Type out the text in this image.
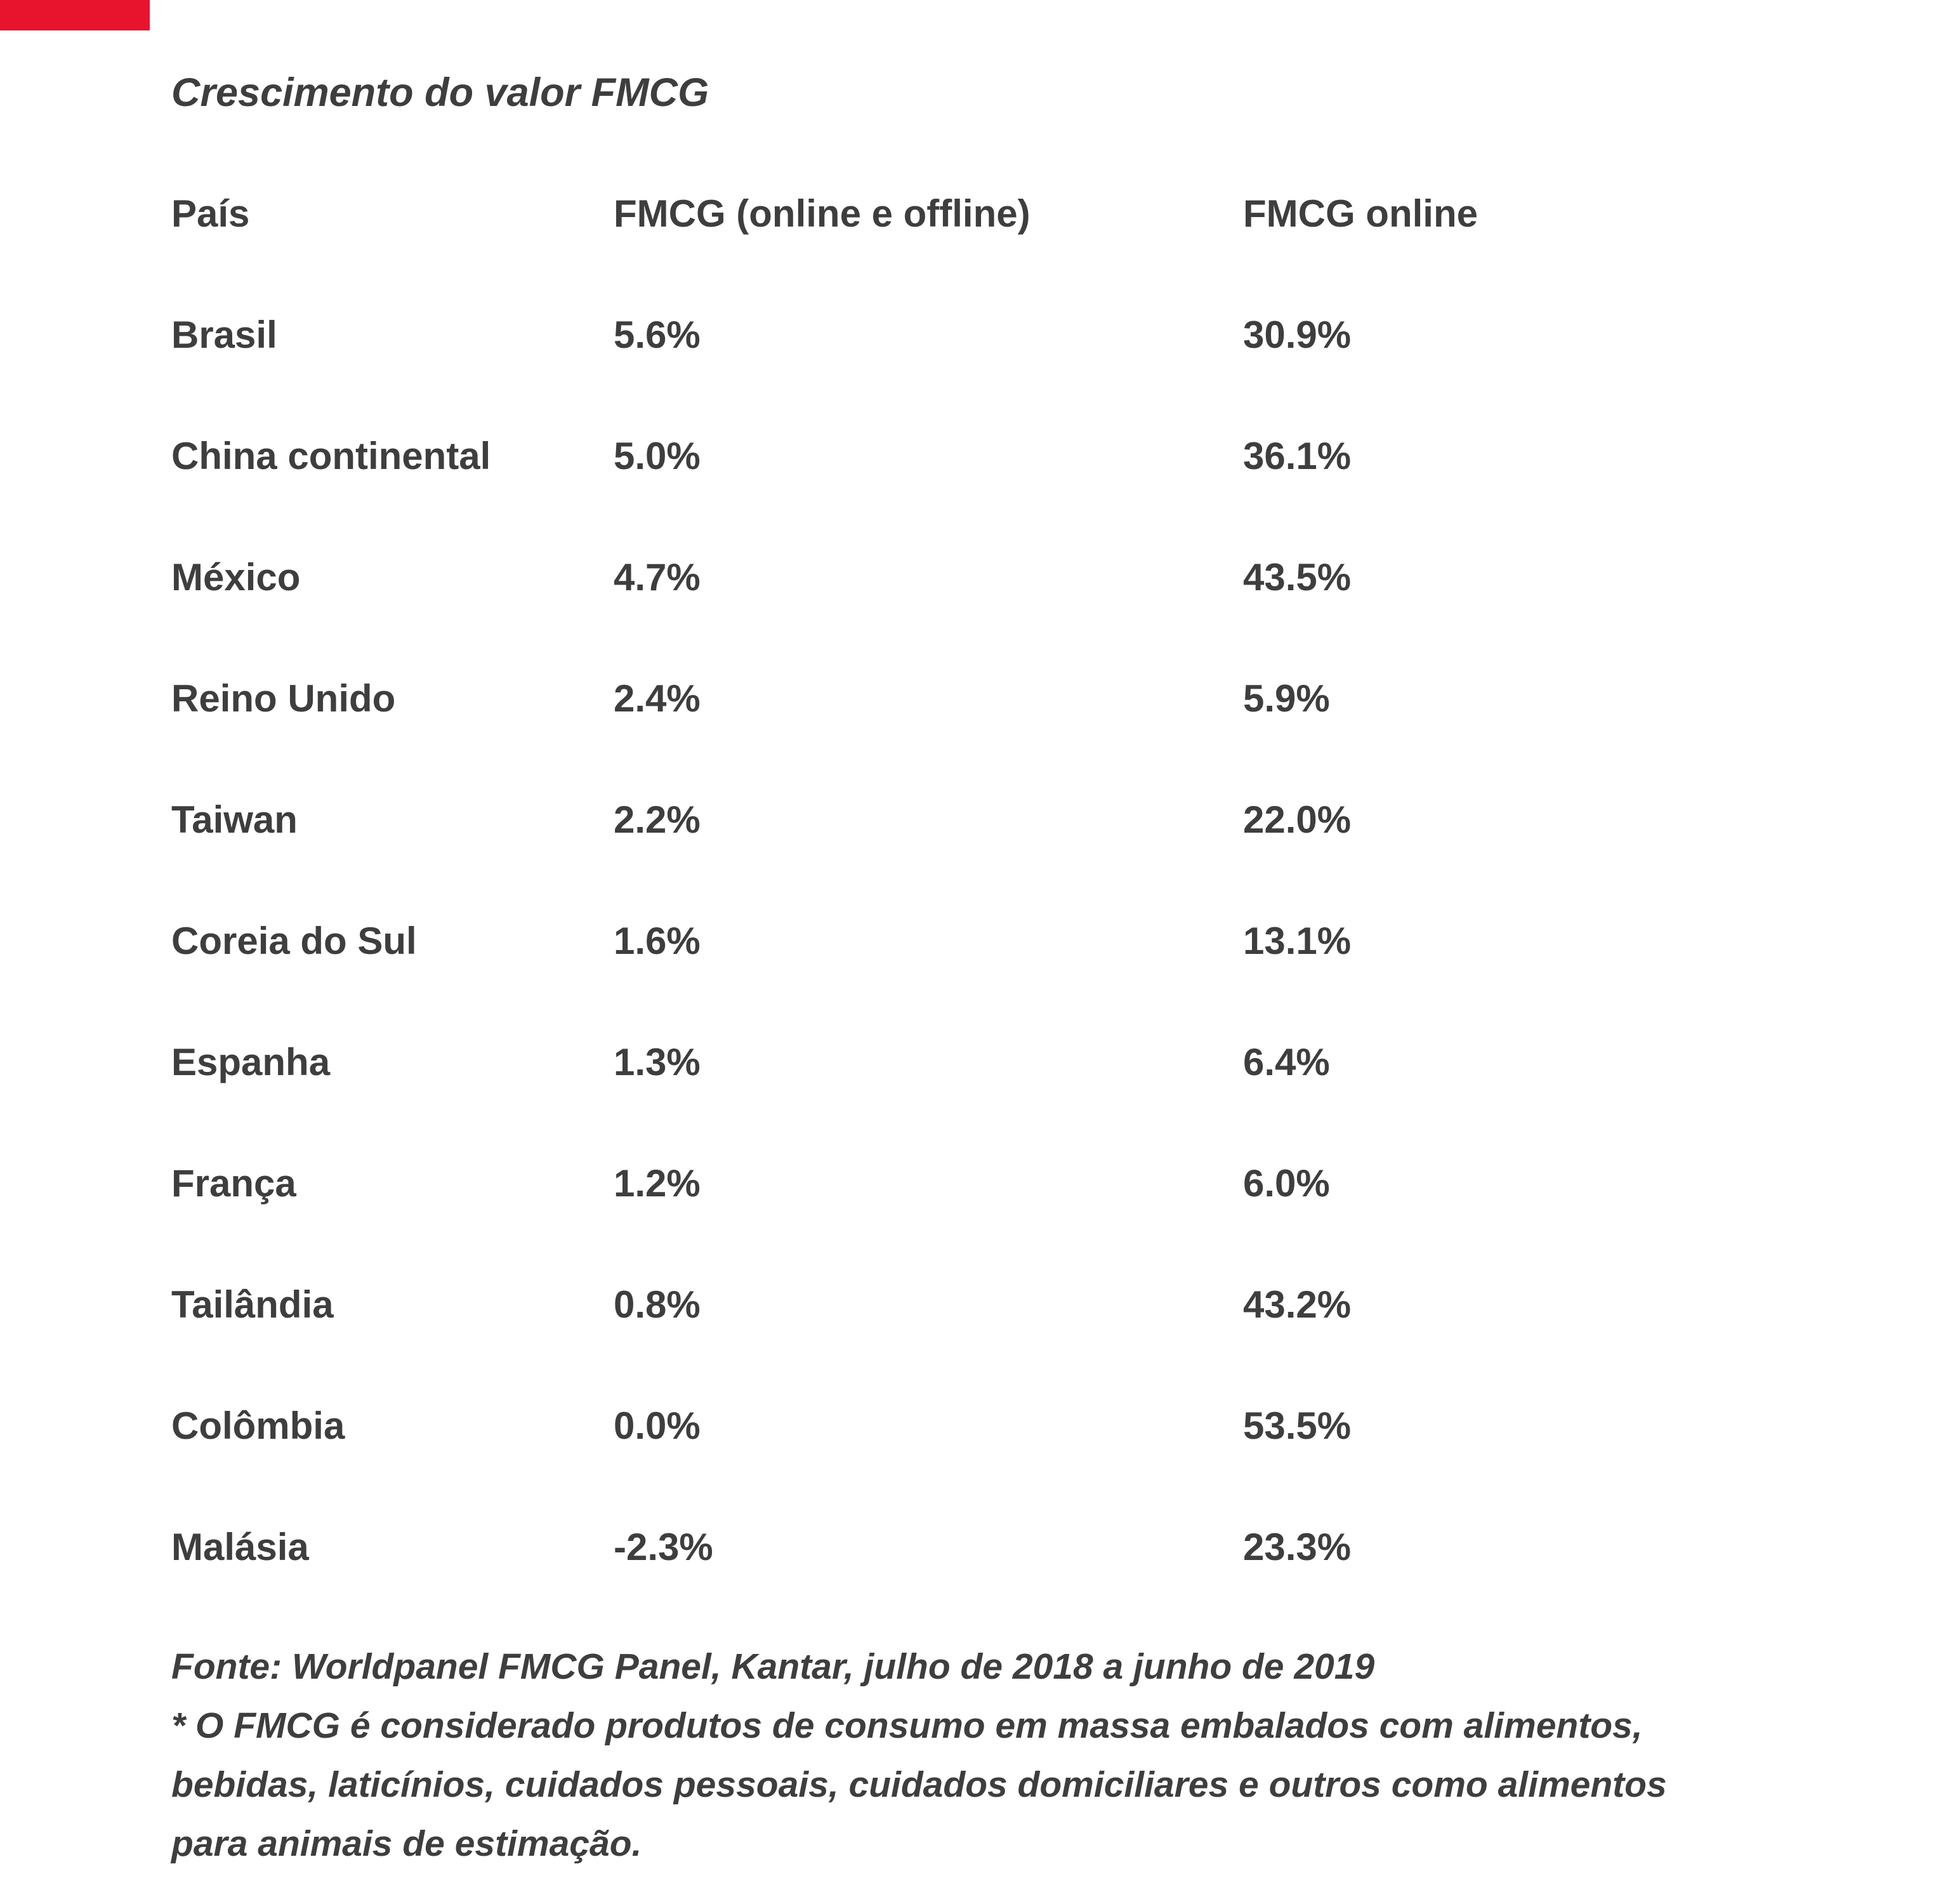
Crescimento do valor FMCG
País	FMCG (online e offline)	FMCG online
Brasil	5.6%	30.9%
China continental	5.0%	36.1%
México	4.7%	43.5%
Reino Unido	2.4%	5.9%
Taiwan	2.2%	22.0%
Coreia do Sul	1.6%	13.1%
Espanha	1.3%	6.4%
França	1.2%	6.0%
Tailândia	0.8%	43.2%
Colômbia	0.0%	53.5%
Malásia	-2.3%	23.3%
Fonte: Worldpanel FMCG Panel, Kantar, julho de 2018 a junho de 2019
* O FMCG é considerado produtos de consumo em massa embalados com alimentos,
bebidas, laticínios, cuidados pessoais, cuidados domiciliares e outros como alimentos
para animais de estimação.
